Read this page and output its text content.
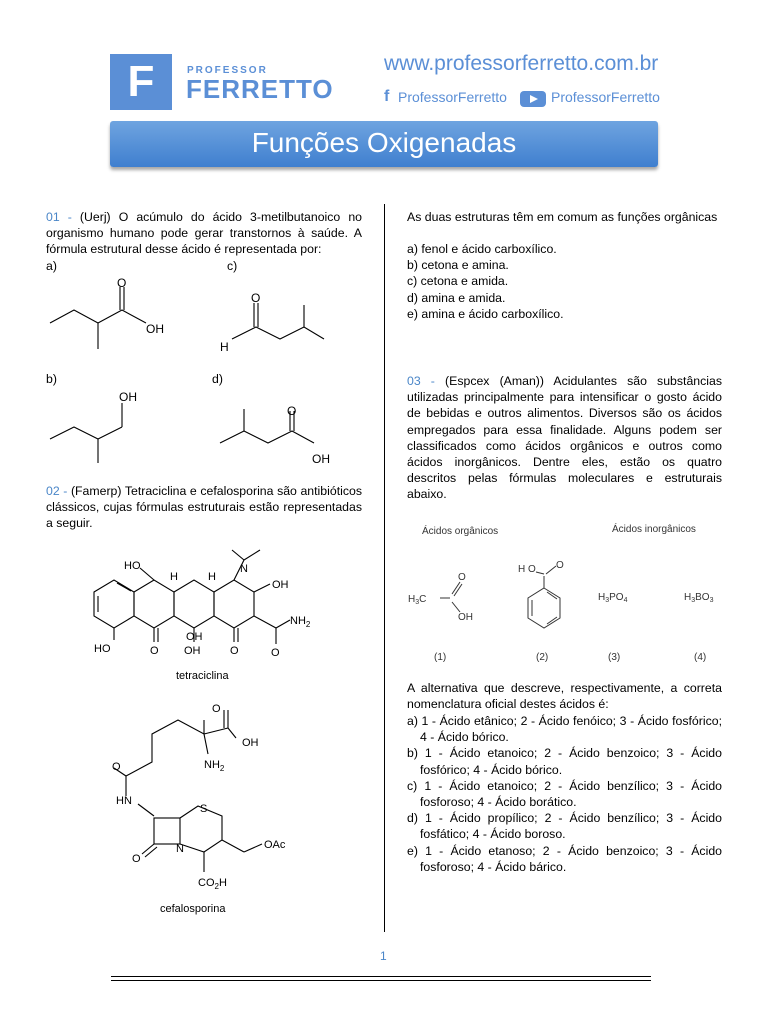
F	PROFESSOR
FERRETTO
www.professorferretto.com.br
f ProfessorFerretto	ProfessorFerretto
Funções Oxigenadas
01 - (Uerj) O acúmulo do ácido 3-metilbutanoico no organismo humano pode gerar transtornos à saúde. A fórmula estrutural desse ácido é representada por:
a)	c)
b)	d)
O
OH
O
H
OH
O
OH
02 - (Famerp) Tetraciclina e cefalosporina são antibióticos clássicos, cujas fórmulas estruturais estão representadas a seguir.
HO
H	H
N
OH
$NH_2$
O
HO	O OH
OH
O
tetraciclina
O
OH
$NH_2$
O
HN
S
N
O
OAc
$CO_2H$
cefalosporina
As duas estruturas têm em comum as funções orgânicas
a) fenol e ácido carboxílico.
b) cetona e amina.
c) cetona e amida.
d) amina e amida.
e) amina e ácido carboxílico.
03 - (Espcex (Aman)) Acidulantes são substâncias utilizadas principalmente para intensificar o gosto ácido de bebidas e outros alimentos. Diversos são os ácidos empregados para essa finalidade. Alguns podem ser classificados como ácidos orgânicos e outros como ácidos inorgânicos. Dentre eles, estão os quatro descritos pelas fórmulas moleculares e estruturais abaixo.
Ácidos orgânicos	Ácidos inorgânicos
$H_3C$
O
OH
H O O
$H_3PO_4$	$H_3BO_3$
(1)	(2)	(3)	(4)
A alternativa que descreve, respectivamente, a correta nomenclatura oficial destes ácidos é:
a) 1 - Ácido etânico; 2 - Ácido fenóico; 3 - Ácido fosfórico; 4 - Ácido bórico.
b) 1 - Ácido etanoico; 2 - Ácido benzoico; 3 - Ácido fosfórico; 4 - Ácido bórico.
c) 1 - Ácido etanoico; 2 - Ácido benzílico; 3 - Ácido fosforoso; 4 - Ácido borático.
d) 1 - Ácido propílico; 2 - Ácido benzílico; 3 - Ácido fosfático; 4 - Ácido boroso.
e) 1 - Ácido etanoso; 2 - Ácido benzoico; 3 - Ácido fosforoso; 4 - Ácido bárico.
1
